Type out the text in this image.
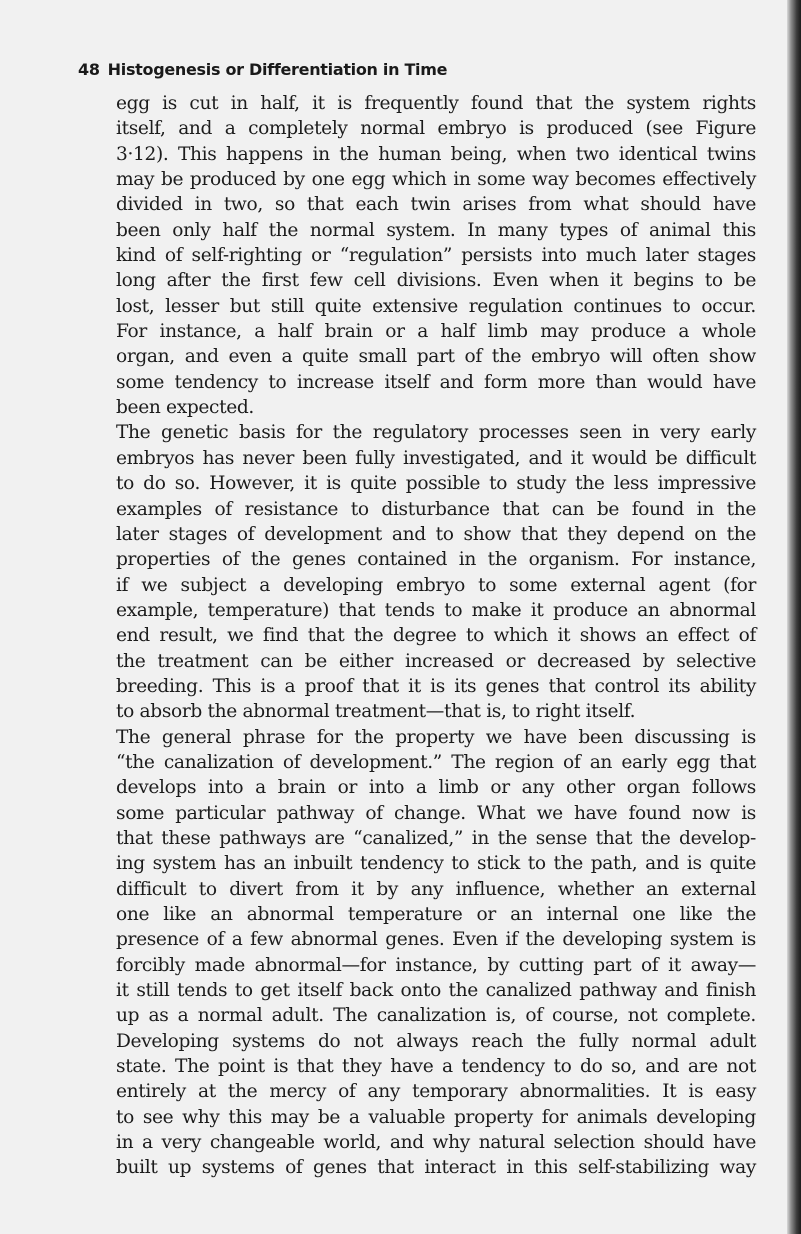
48 Histogenesis or Differentiation in Time
egg is cut in half, it is frequently found that the system rights
itself, and a completely normal embryo is produced (see Figure
3·12). This happens in the human being, when two identical twins
may be produced by one egg which in some way becomes effectively
divided in two, so that each twin arises from what should have
been only half the normal system. In many types of animal this
kind of self-righting or “regulation” persists into much later stages
long after the first few cell divisions. Even when it begins to be
lost, lesser but still quite extensive regulation continues to occur.
For instance, a half brain or a half limb may produce a whole
organ, and even a quite small part of the embryo will often show
some tendency to increase itself and form more than would have
been expected.
The genetic basis for the regulatory processes seen in very early
embryos has never been fully investigated, and it would be difficult
to do so. However, it is quite possible to study the less impressive
examples of resistance to disturbance that can be found in the
later stages of development and to show that they depend on the
properties of the genes contained in the organism. For instance,
if we subject a developing embryo to some external agent (for
example, temperature) that tends to make it produce an abnormal
end result, we find that the degree to which it shows an effect of
the treatment can be either increased or decreased by selective
breeding. This is a proof that it is its genes that control its ability
to absorb the abnormal treatment—that is, to right itself.
The general phrase for the property we have been discussing is
“the canalization of development.” The region of an early egg that
develops into a brain or into a limb or any other organ follows
some particular pathway of change. What we have found now is
that these pathways are “canalized,” in the sense that the develop-
ing system has an inbuilt tendency to stick to the path, and is quite
difficult to divert from it by any influence, whether an external
one like an abnormal temperature or an internal one like the
presence of a few abnormal genes. Even if the developing system is
forcibly made abnormal—for instance, by cutting part of it away—
it still tends to get itself back onto the canalized pathway and finish
up as a normal adult. The canalization is, of course, not complete.
Developing systems do not always reach the fully normal adult
state. The point is that they have a tendency to do so, and are not
entirely at the mercy of any temporary abnormalities. It is easy
to see why this may be a valuable property for animals developing
in a very changeable world, and why natural selection should have
built up systems of genes that interact in this self-stabilizing way
